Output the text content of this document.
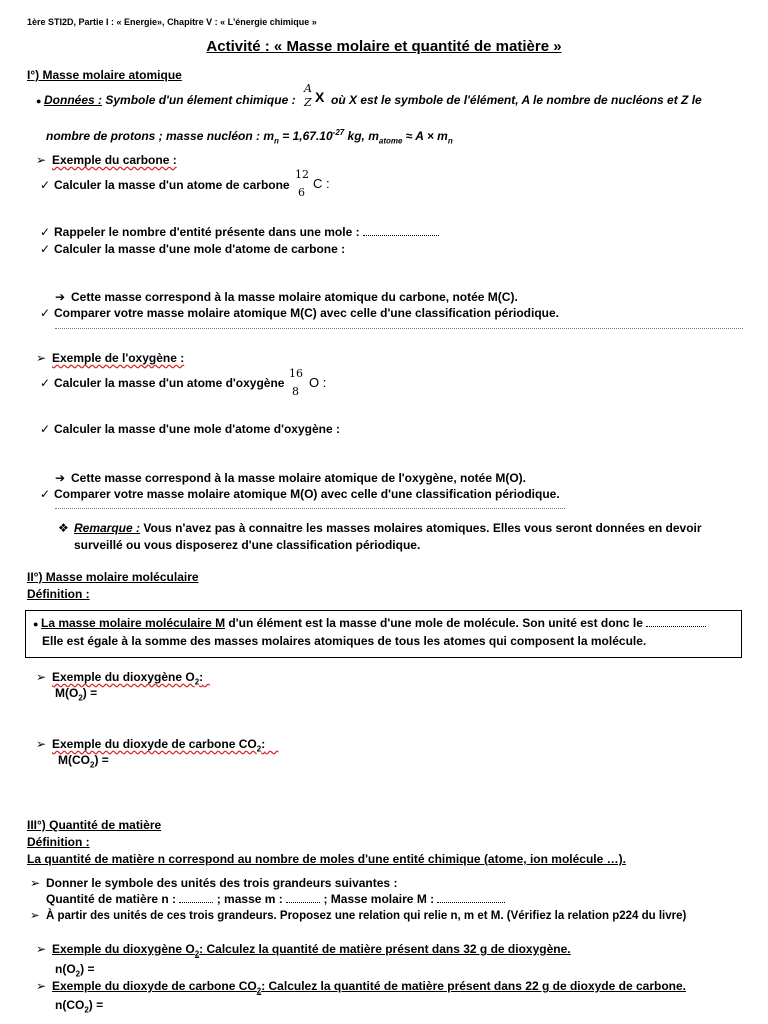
1ère STI2D, Partie I : « Energie», Chapitre V : « L'énergie chimique »
Activité : « Masse molaire et quantité de matière »
I°) Masse molaire atomique
● Données : Symbole d'un élement chimique :
A
Z X où X est le symbole de l'élément, A le nombre de nucléons et Z le
nombre de protons ; masse nucléon : $m_n = 1,67.10^{-27}$ kg, $m_{atome} \approx A \times m_n$
➢ Exemple du carbone :
✓ Calculer la masse d'un atome de carbone
12
6
C :
✓ Rappeler le nombre d'entité présente dans une mole :
✓ Calculer la masse d'une mole d'atome de carbone :
➔ Cette masse correspond à la masse molaire atomique du carbone, notée M(C).
✓ Comparer votre masse molaire atomique M(C) avec celle d'une classification périodique.
➢ Exemple de l'oxygène :
✓ Calculer la masse d'un atome d'oxygène
16
8
O :
✓ Calculer la masse d'une mole d'atome d'oxygène :
➔ Cette masse correspond à la masse molaire atomique de l'oxygène, notée M(O).
✓ Comparer votre masse molaire atomique M(O) avec celle d'une classification périodique.
❖ Remarque : Vous n'avez pas à connaitre les masses molaires atomiques. Elles vous seront données en devoir
surveillé ou vous disposerez d'une classification périodique.
II°) Masse molaire moléculaire
Définition :
● La masse molaire moléculaire M d'un élément est la masse d'une mole de molécule. Son unité est donc le
Elle est égale à la somme des masses molaires atomiques de tous les atomes qui composent la molécule.
➢ Exemple du dioxygène $O_2$:
$M(O_2)$ =
➢ Exemple du dioxyde de carbone $CO_2$:
$M(CO_2)$ =
III°) Quantité de matière
Définition :
La quantité de matière n correspond au nombre de moles d'une entité chimique (atome, ion molécule …).
➢ Donner le symbole des unités des trois grandeurs suivantes :
Quantité de matière n :	; masse m :	; Masse molaire M :
➢ À partir des unités de ces trois grandeurs. Proposez une relation qui relie n, m et M. (Vérifiez la relation p224 du livre)
➢ Exemple du dioxygène $O_2$: Calculez la quantité de matière présent dans 32 g de dioxygène.
$n(O_2)$ =
➢ Exemple du dioxyde de carbone $CO_2$: Calculez la quantité de matière présent dans 22 g de dioxyde de carbone.
$n(CO_2)$ =
